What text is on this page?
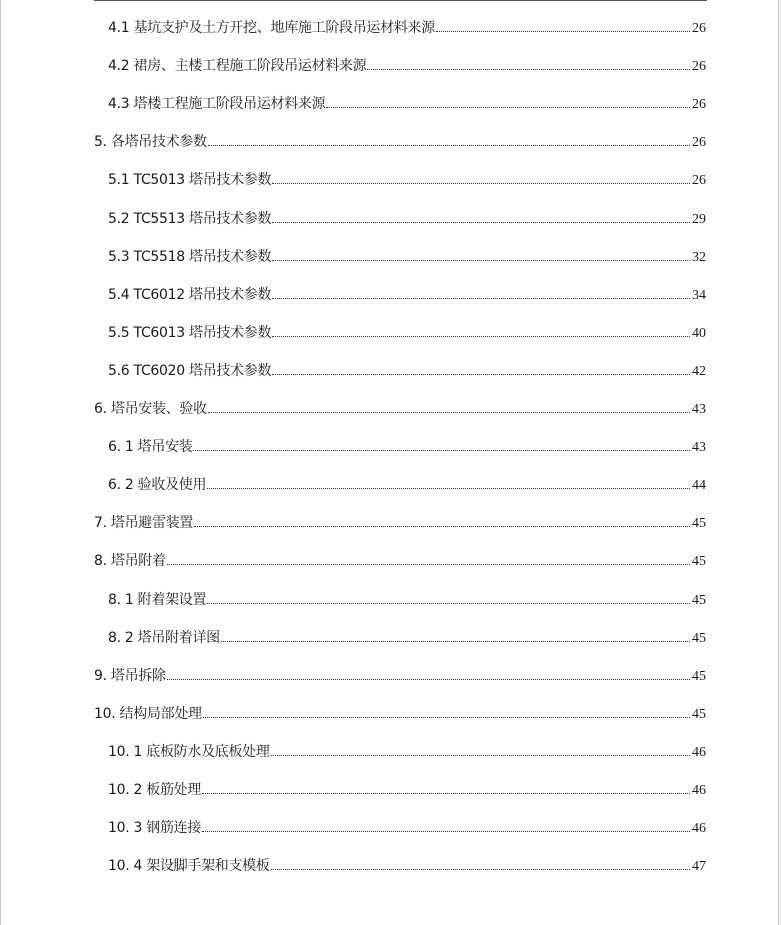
4.1 基坑支护及土方开挖、地库施工阶段吊运材料来源	26
4.2 裙房、主楼工程施工阶段吊运材料来源	26
4.3 塔楼工程施工阶段吊运材料来源	26
5. 各塔吊技术参数	26
5.1 TC5013 塔吊技术参数	26
5.2 TC5513 塔吊技术参数	29
5.3 TC5518 塔吊技术参数	32
5.4 TC6012 塔吊技术参数	34
5.5 TC6013 塔吊技术参数	40
5.6 TC6020 塔吊技术参数	42
6. 塔吊安装、验收	43
6. 1 塔吊安装	43
6. 2 验收及使用	44
7. 塔吊避雷装置	45
8. 塔吊附着	45
8. 1 附着架设置	45
8. 2 塔吊附着详图	45
9. 塔吊拆除	45
10. 结构局部处理	45
10. 1 底板防水及底板处理	46
10. 2 板筋处理	46
10. 3 钢筋连接	46
10. 4 架设脚手架和支模板	47
